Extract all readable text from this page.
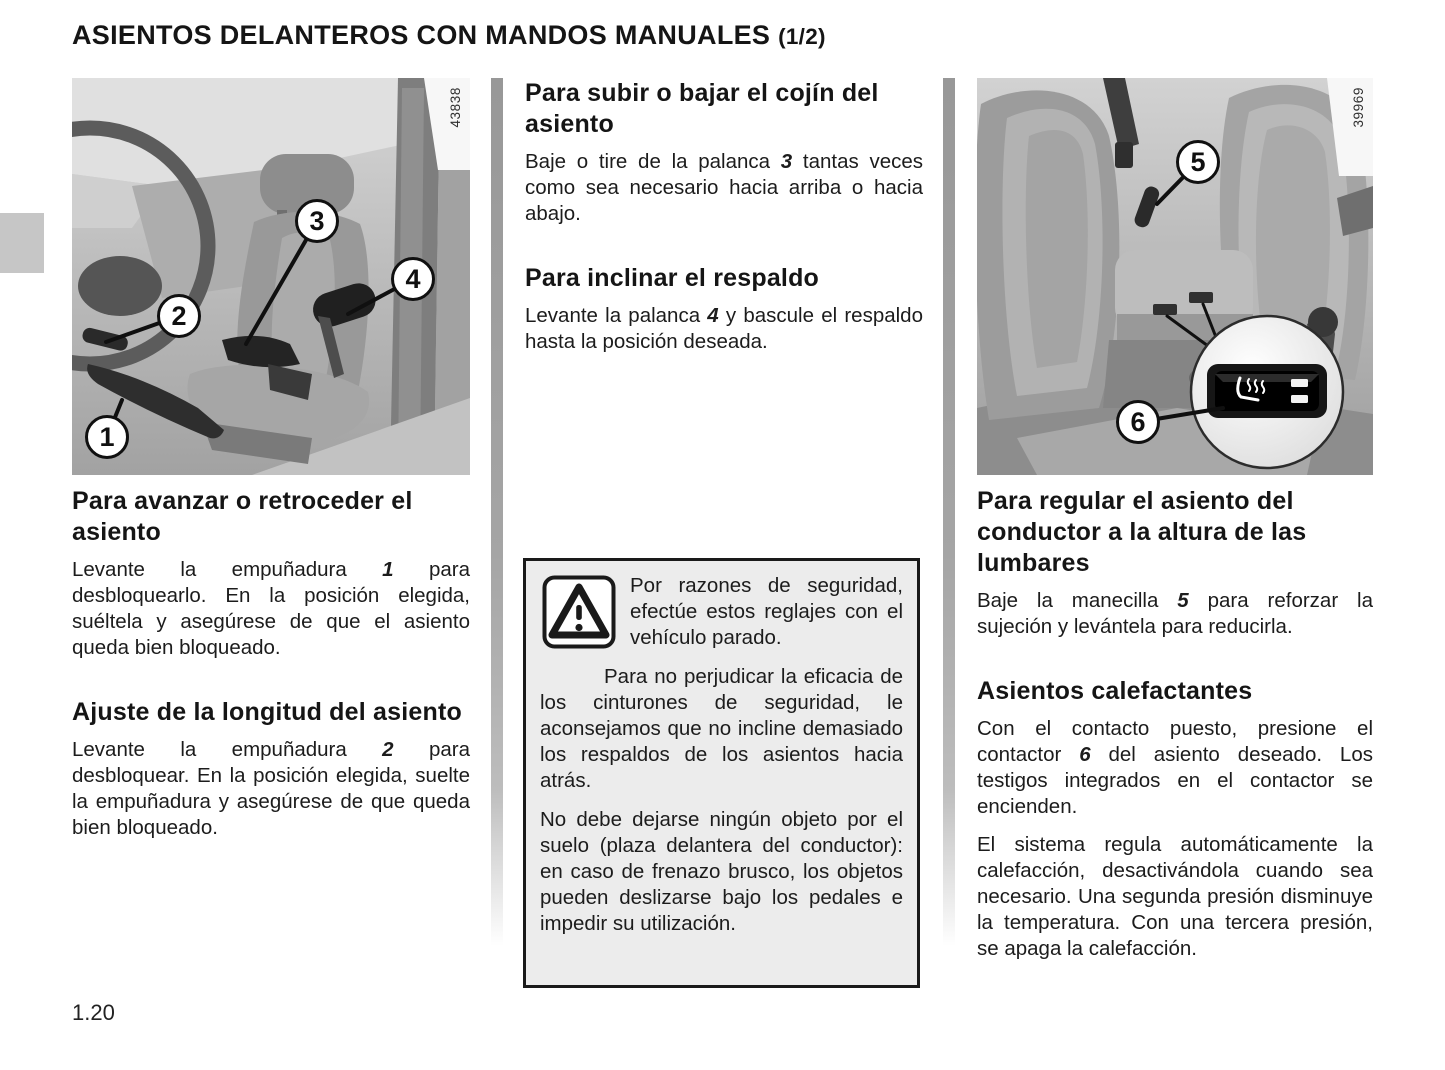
ASIENTOS DELANTEROS CON MANDOS MANUALES (1/2)
1
2
3
4
43838
5
6
39969
Para avanzar o retroceder el asiento

Levante la empuñadura 1 para desbloquearlo. En la posición elegida, suéltela y asegúrese de que el asiento queda bien bloqueado.

Ajuste de la longitud del asiento

Levante la empuñadura 2 para desbloquear. En la posición elegida, suelte la empuñadura y asegúrese de que queda bien bloqueado.

Para subir o bajar el cojín del asiento

Baje o tire de la palanca 3 tantas veces como sea necesario hacia arriba o hacia abajo.

Para inclinar el respaldo

Levante la palanca 4 y bascule el respaldo hasta la posición deseada.

Por razones de seguridad, efectúe estos reglajes con el vehículo parado.

Para no perjudicar la eficacia de los cinturones de seguridad, le aconsejamos que no incline demasiado los respaldos de los asientos hacia atrás.

No debe dejarse ningún objeto por el suelo (plaza delantera del conductor): en caso de frenazo brusco, los objetos pueden deslizarse bajo los pedales e impedir su utilización.

Para regular el asiento del conductor a la altura de las lumbares

Baje la manecilla 5 para reforzar la sujeción y levántela para reducirla.

Asientos calefactantes

Con el contacto puesto, presione el contactor 6 del asiento deseado. Los testigos integrados en el contactor se encienden.

El sistema regula automáticamente la calefacción, desactivándola cuando sea necesario. Una segunda presión disminuye la temperatura. Con una tercera presión, se apaga la calefacción.

1.20
